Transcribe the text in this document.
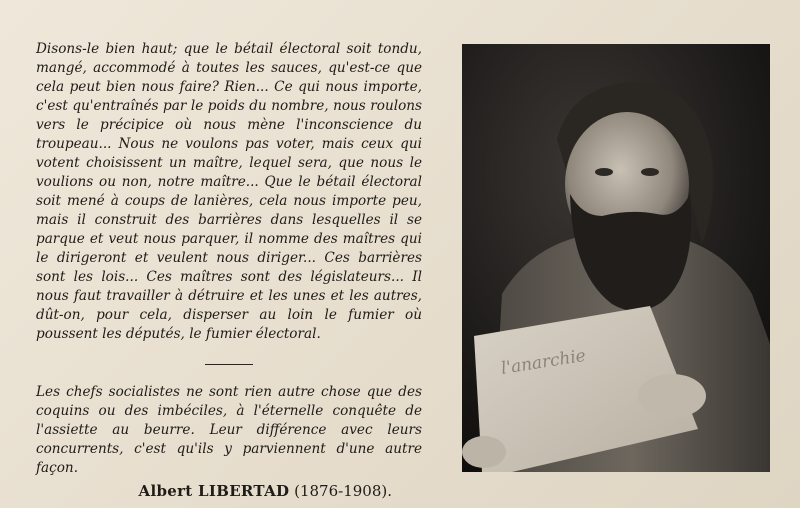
Disons-le bien haut; que le bétail électoral soit tondu, mangé, accommodé à toutes les sauces, qu'est-ce que cela peut bien nous faire? Rien... Ce qui nous importe, c'est qu'entraînés par le poids du nombre, nous roulons vers le précipice où nous mène l'inconscience du troupeau... Nous ne voulons pas voter, mais ceux qui votent choisissent un maître, lequel sera, que nous le voulions ou non, notre maître... Que le bétail électoral soit mené à coups de lanières, cela nous importe peu, mais il construit des barrières dans lesquelles il se parque et veut nous parquer, il nomme des maîtres qui le dirigeront et veulent nous diriger... Ces barrières sont les lois... Ces maîtres sont des législateurs... Il nous faut travailler à détruire et les unes et les autres, dût-on, pour cela, disperser au loin le fumier où poussent les députés, le fumier électoral.

Les chefs socialistes ne sont rien autre chose que des coquins ou des imbéciles, à l'éternelle conquête de l'assiette au beurre. Leur différence avec leurs concurrents, c'est qu'ils y parviennent d'une autre façon.

Albert LIBERTAD (1876-1908).
l'anarchie
